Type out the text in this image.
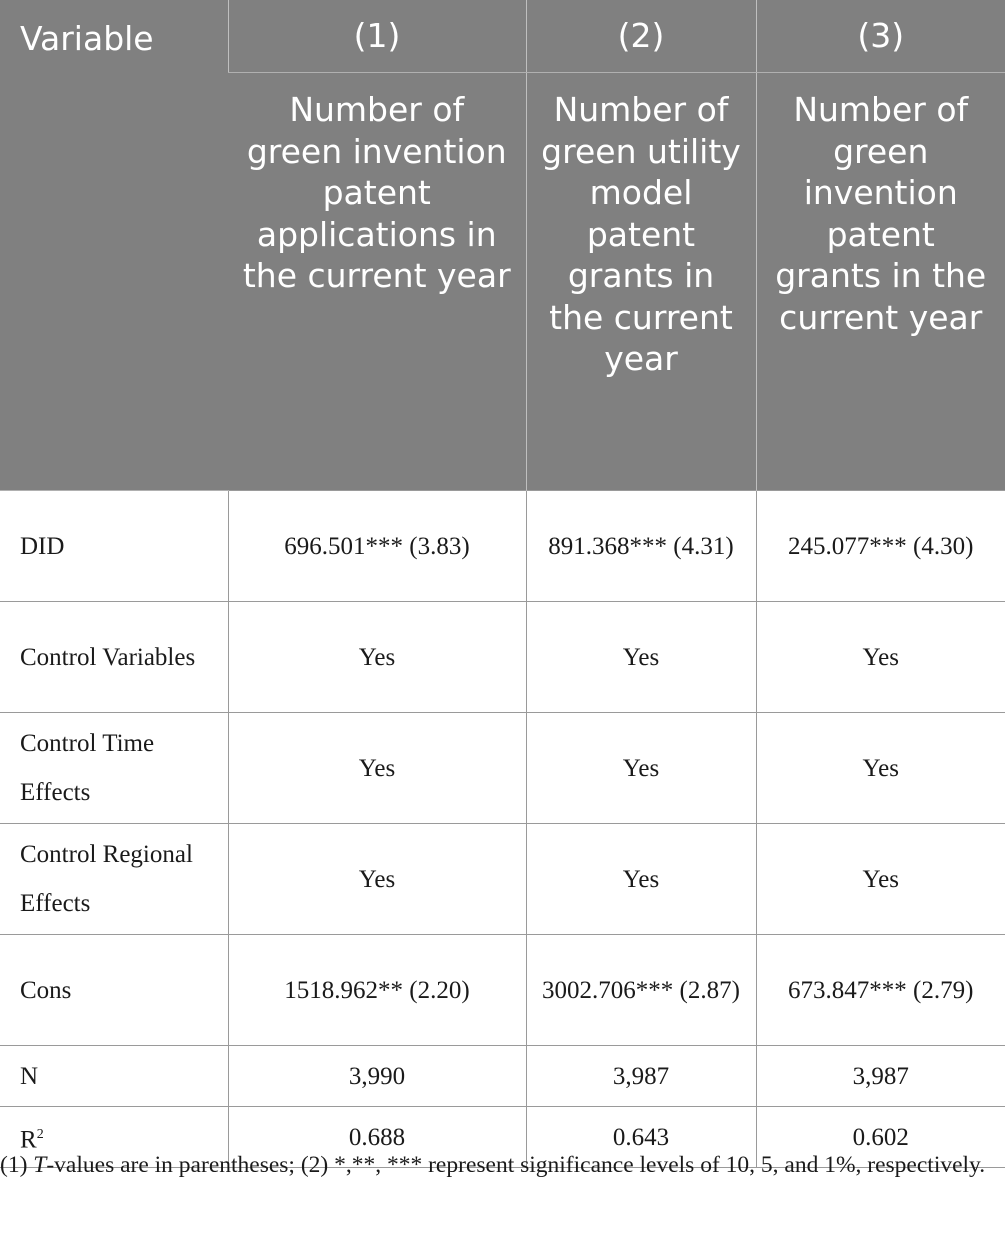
Variable	(1)	(2)	(3)
	Number of green invention patent applications in the current year	Number of green utility model patent grants in the current year	Number of green invention patent grants in the current year
DID	696.501*** (3.83)	891.368*** (4.31)	245.077*** (4.30)
Control Variables	Yes	Yes	Yes
Control Time Effects	Yes	Yes	Yes
Control Regional Effects	Yes	Yes	Yes
Cons	1518.962** (2.20)	3002.706*** (2.87)	673.847*** (2.79)
N	3,990	3,987	3,987
$R^2$	0.688	0.643	0.602
(1) T-values are in parentheses; (2) *,**, *** represent significance levels of 10, 5, and 1%, respectively.
